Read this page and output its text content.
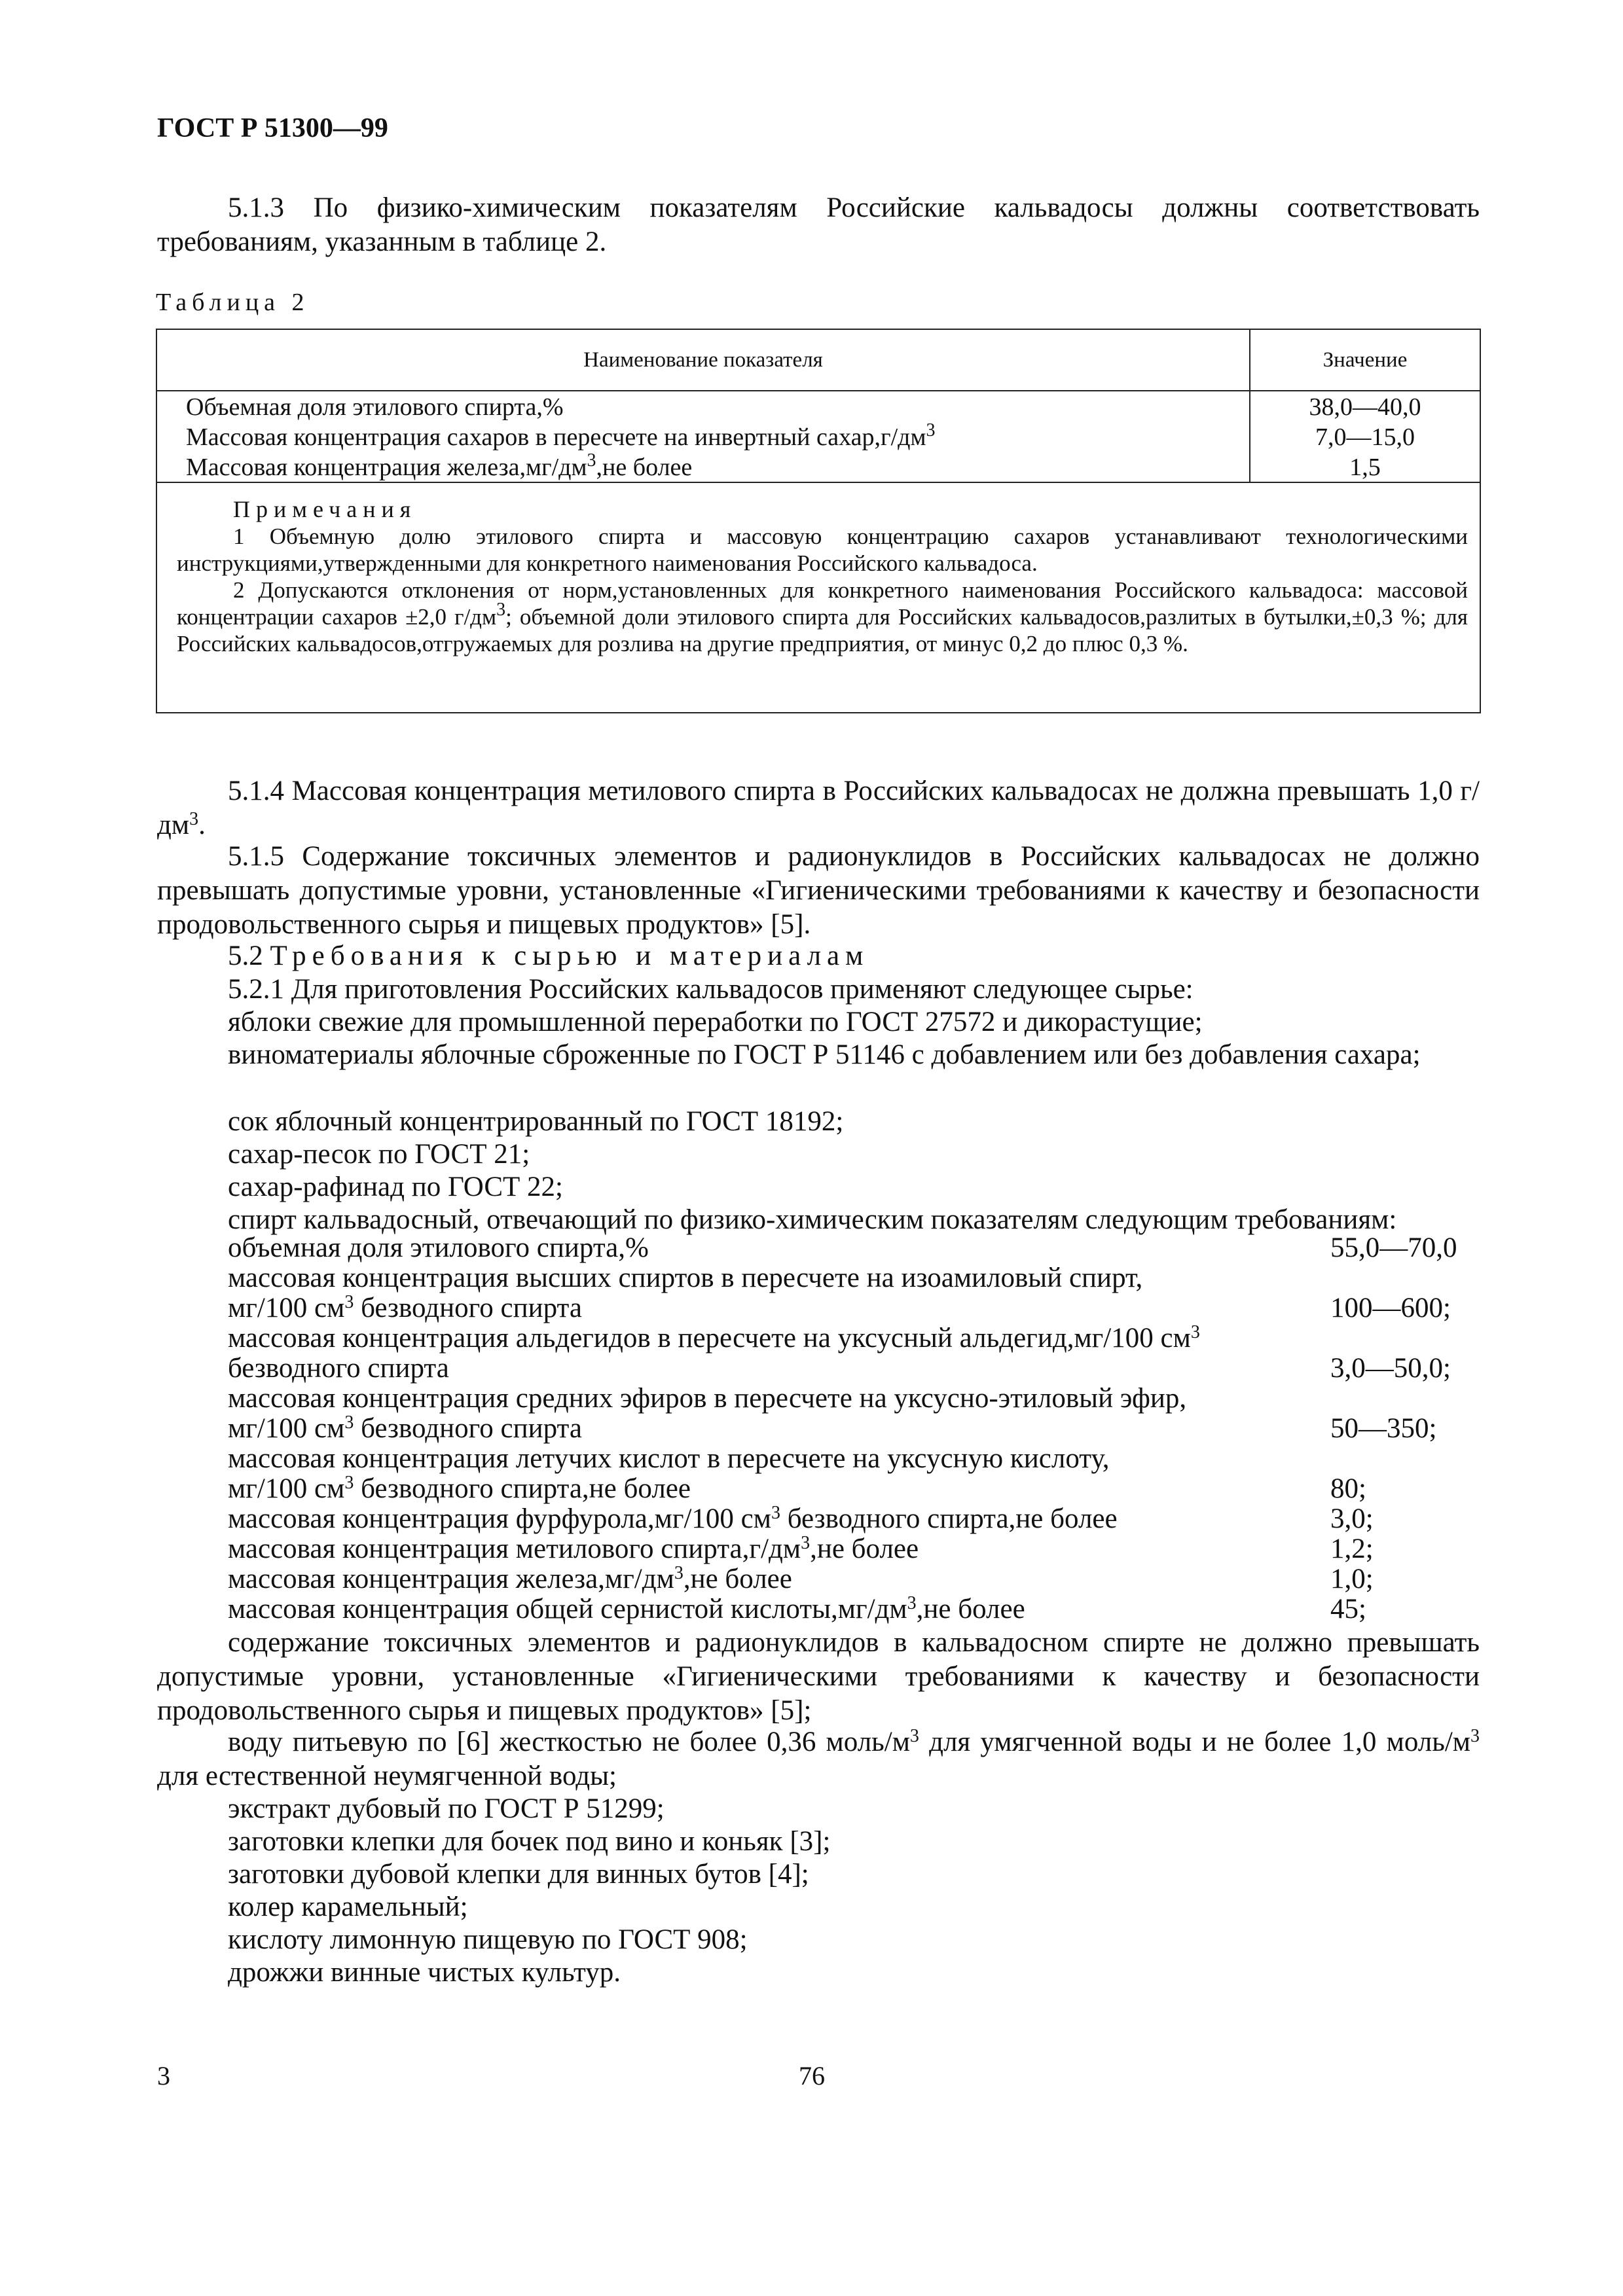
ГОСТ Р 51300—99
5.1.3 По физико-химическим показателям Российские кальвадосы должны соответствовать требованиям, указанным в таблице 2.
Таблица 2
Наименование показателя	Значение
Объемная доля этилового спирта,%	38,0—40,0
Массовая концентрация сахаров в пересчете на инвертный $сахар,г/дм^3$	7,0—15,0
Массовая концентрация $железа,мг/дм^3,не$ более	1,5
Примечания
1 Объемную долю этилового спирта и массовую концентрацию сахаров устанавливают технологическими инструкциями,утвержденными для конкретного наименования Российского кальвадоса.
2 Допускаются отклонения от норм,установленных для конкретного наименования Российского кальвадоса: массовой концентрации сахаров ±2,0 $г/дм^3$; объемной доли этилового спирта для Российских кальвадосов,разлитых в бутылки,±0,3 %; для Российских кальвадосов,отгружаемых для розлива на другие предприятия, от минус 0,2 до плюс 0,3 %.
5.1.4 Массовая концентрация метилового спирта в Российских кальвадосах не должна превышать 1,0 $г/дм^3$.
5.1.5 Содержание токсичных элементов и радионуклидов в Российских кальвадосах не должно превышать допустимые уровни, установленные «Гигиеническими требованиями к качеству и безопасности продовольственного сырья и пищевых продуктов» [5].
5.2 Требования к сырью и материалам
5.2.1 Для приготовления Российских кальвадосов применяют следующее сырье:
яблоки свежие для промышленной переработки по ГОСТ 27572 и дикорастущие;
виноматериалы яблочные сброженные по ГОСТ Р 51146 с добавлением или без добавления сахара;
сок яблочный концентрированный по ГОСТ 18192;
сахар-песок по ГОСТ 21;
сахар-рафинад по ГОСТ 22;
спирт кальвадосный, отвечающий по физико-химическим показателям следующим требованиям:
объемная доля этилового спирта,%	55,0—70,0
массовая концентрация высших спиртов в пересчете на изоамиловый спирт,
мг/100 $см^3$ безводного спирта	100—600;
массовая концентрация альдегидов в пересчете на уксусный альдегид,мг/100 $см^3$
безводного спирта	3,0—50,0;
массовая концентрация средних эфиров в пересчете на уксусно-этиловый эфир,
мг/100 $см^3$ безводного спирта	50—350;
массовая концентрация летучих кислот в пересчете на уксусную кислоту,
мг/100 $см^3$ безводного спирта,не более	80;
массовая концентрация фурфурола,мг/100 $см^3$ безводного спирта,не более	3,0;
массовая концентрация метилового $спирта,г/дм^3,не$ более	1,2;
массовая концентрация $железа,мг/дм^3,не$ более	1,0;
массовая концентрация общей сернистой $кислоты,мг/дм^3,не$ более	45;
содержание токсичных элементов и радионуклидов в кальвадосном спирте не должно превышать допустимые уровни, установленные «Гигиеническими требованиями к качеству и безопасности продовольственного сырья и пищевых продуктов» [5];
воду питьевую по [6] жесткостью не более 0,36 моль/$м^3$ для умягченной воды и не более 1,0 моль/$м^3$ для естественной неумягченной воды;
экстракт дубовый по ГОСТ Р 51299;
заготовки клепки для бочек под вино и коньяк [3];
заготовки дубовой клепки для винных бутов [4];
колер карамельный;
кислоту лимонную пищевую по ГОСТ 908;
дрожжи винные чистых культур.
3	76
